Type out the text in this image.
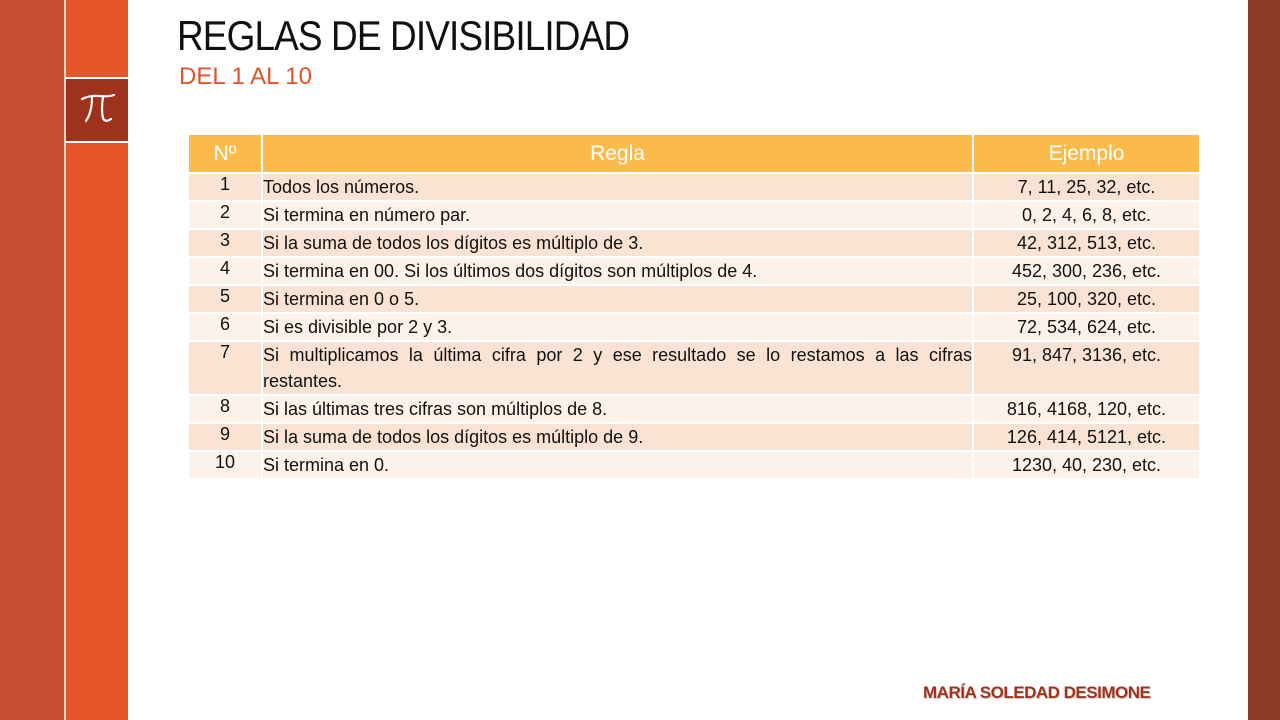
REGLAS DE DIVISIBILIDAD
DEL 1 AL 10
Nº	Regla	Ejemplo
1	Todos los números.	7, 11, 25, 32, etc.
2	Si termina en número par.	0, 2, 4, 6, 8, etc.
3	Si la suma de todos los dígitos es múltiplo de 3.	42, 312, 513, etc.
4	Si termina en 00. Si los últimos dos dígitos son múltiplos de 4.	452, 300, 236, etc.
5	Si termina en 0 o 5.	25, 100, 320, etc.
6	Si es divisible por 2 y 3.	72, 534, 624, etc.
7	Si multiplicamos la última cifra por 2 y ese resultado se lo restamos a las cifras restantes.	91, 847, 3136, etc.
8	Si las últimas tres cifras son múltiplos de 8.	816, 4168, 120, etc.
9	Si la suma de todos los dígitos es múltiplo de 9.	126, 414, 5121, etc.
10	Si termina en 0.	1230, 40, 230, etc.

MARÍA SOLEDAD DESIMONE
